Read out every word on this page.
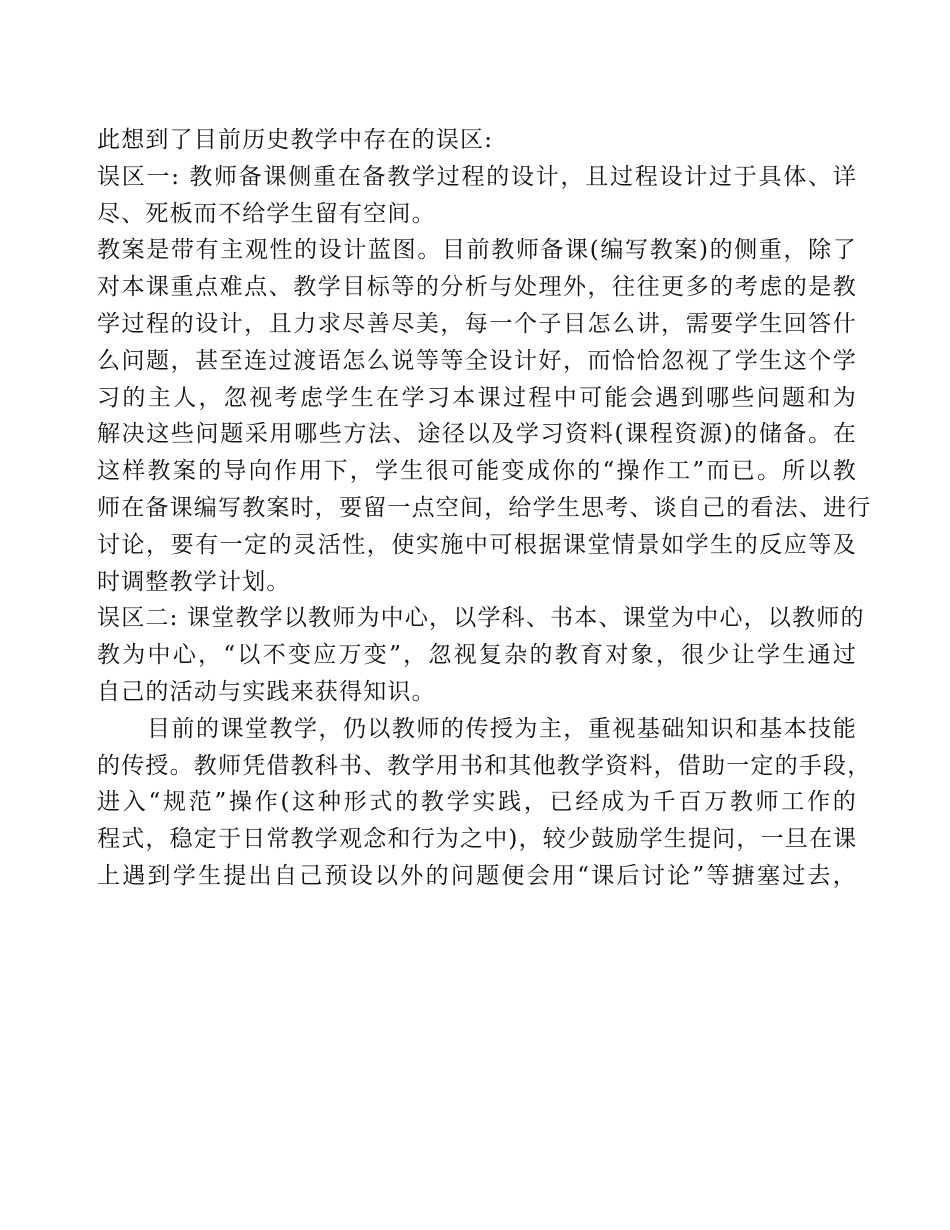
此想到了目前历史教学中存在的误区:
误区一: 教师备课侧重在备教学过程的设计，且过程设计过于具体、详
尽、死板而不给学生留有空间。
教案是带有主观性的设计蓝图。目前教师备课(编写教案)的侧重，除了
对本课重点难点、教学目标等的分析与处理外，往往更多的考虑的是教
学过程的设计，且力求尽善尽美，每一个子目怎么讲，需要学生回答什
么问题，甚至连过渡语怎么说等等全设计好，而恰恰忽视了学生这个学
习的主人，忽视考虑学生在学习本课过程中可能会遇到哪些问题和为
解决这些问题采用哪些方法、途径以及学习资料(课程资源)的储备。在
这样教案的导向作用下，学生很可能变成你的“操作工”而已。所以教
师在备课编写教案时，要留一点空间，给学生思考、谈自己的看法、进行
讨论，要有一定的灵活性，使实施中可根据课堂情景如学生的反应等及
时调整教学计划。
误区二: 课堂教学以教师为中心，以学科、书本、课堂为中心，以教师的
教为中心，“以不变应万变”，忽视复杂的教育对象，很少让学生通过
自己的活动与实践来获得知识。
目前的课堂教学，仍以教师的传授为主，重视基础知识和基本技能
的传授。教师凭借教科书、教学用书和其他教学资料，借助一定的手段，
进入“规范”操作(这种形式的教学实践，已经成为千百万教师工作的
程式，稳定于日常教学观念和行为之中)，较少鼓励学生提问，一旦在课
上遇到学生提出自己预设以外的问题便会用“课后讨论”等搪塞过去，
